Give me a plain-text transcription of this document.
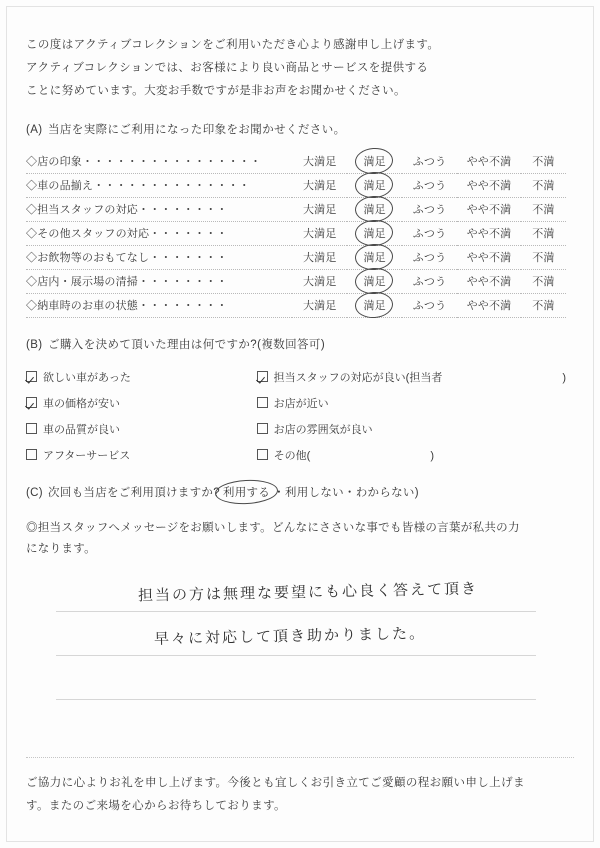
この度はアクティブコレクションをご利用いただき心より感謝申し上げます。
アクティブコレクションでは、お客様により良い商品とサービスを提供する
ことに努めています。大変お手数ですが是非お声をお聞かせください。
(A) 当店を実際にご利用になった印象をお聞かせください。
◇店の印象・・・・・・・・・・・・・・・・	大満足	満足	ふつう	やや不満	不満
◇車の品揃え・・・・・・・・・・・・・・	大満足	満足	ふつう	やや不満	不満
◇担当スタッフの対応・・・・・・・・	大満足	満足	ふつう	やや不満	不満
◇その他スタッフの対応・・・・・・・	大満足	満足	ふつう	やや不満	不満
◇お飲物等のおもてなし・・・・・・・	大満足	満足	ふつう	やや不満	不満
◇店内・展示場の清掃・・・・・・・・	大満足	満足	ふつう	やや不満	不満
◇納車時のお車の状態・・・・・・・・	大満足	満足	ふつう	やや不満	不満
(B) ご購入を決めて頂いた理由は何ですか?(複数回答可)
欲しい車があった	担当スタッフの対応が良い(担当者 )
車の価格が安い	お店が近い
車の品質が良い	お店の雰囲気が良い
アフターサービス	その他( )
(C) 次回も当店をご利用頂けますか? 利用する ・利用しない・わからない)
◎担当スタッフへメッセージをお願いします。どんなにささいな事でも皆様の言葉が私共の力
になります。
担当の方は無理な要望にも心良く答えて頂き
早々に対応して頂き助かりました。
ご協力に心よりお礼を申し上げます。今後とも宜しくお引き立てご愛顧の程お願い申し上げま
す。またのご来場を心からお待ちしております。
